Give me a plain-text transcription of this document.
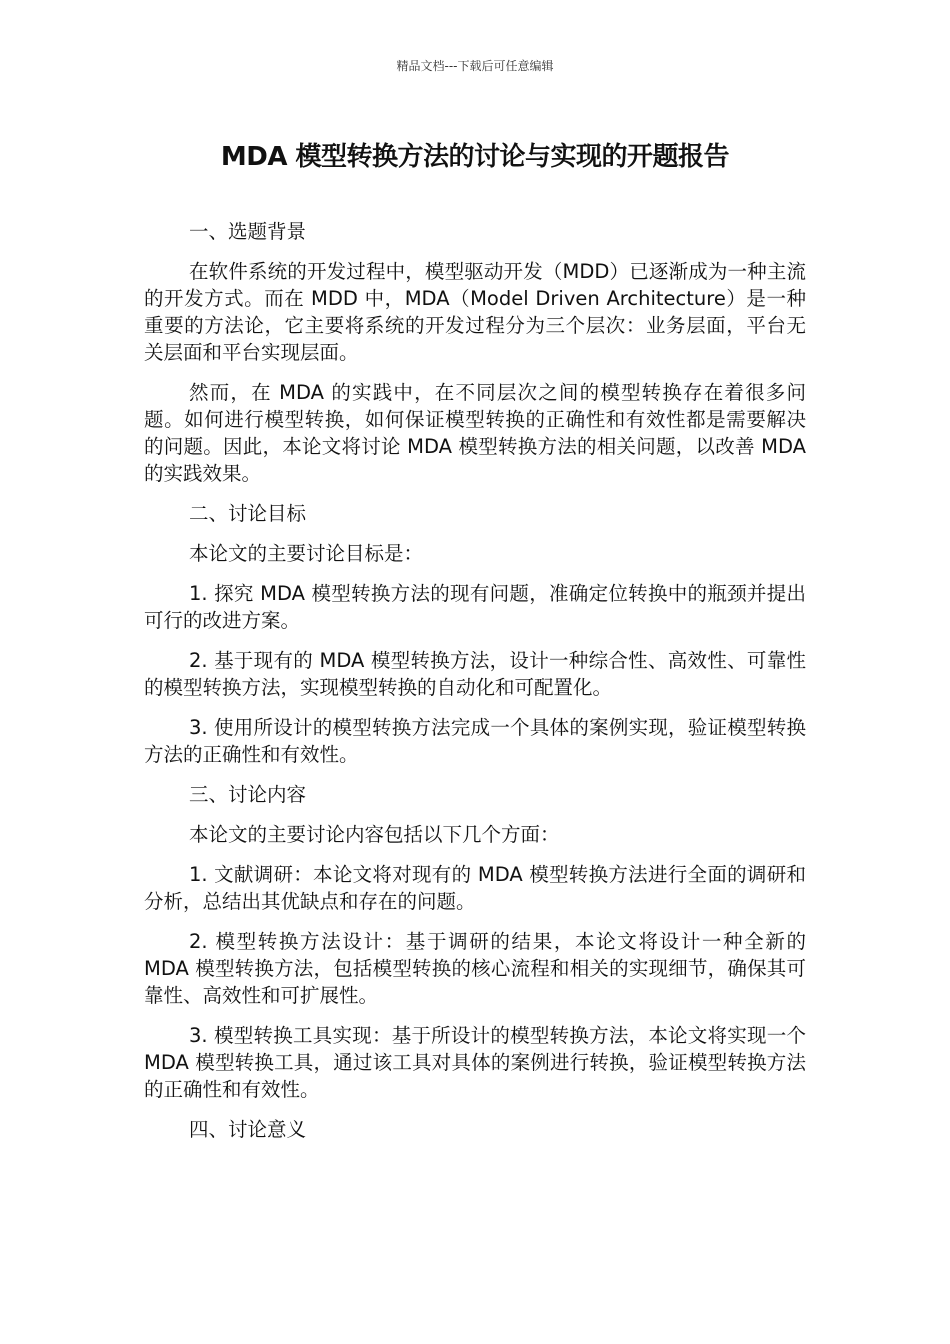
精品文档---下载后可任意编辑
MDA 模型转换方法的讨论与实现的开题报告

一、选题背景

在软件系统的开发过程中，模型驱动开发（MDD）已逐渐成为一种主流的开发方式。而在 MDD 中，MDA（Model Driven Architecture）是一种重要的方法论，它主要将系统的开发过程分为三个层次：业务层面，平台无关层面和平台实现层面。

然而，在 MDA 的实践中，在不同层次之间的模型转换存在着很多问题。如何进行模型转换，如何保证模型转换的正确性和有效性都是需要解决的问题。因此，本论文将讨论 MDA 模型转换方法的相关问题，以改善 MDA 的实践效果。

二、讨论目标

本论文的主要讨论目标是：

1. 探究 MDA 模型转换方法的现有问题，准确定位转换中的瓶颈并提出可行的改进方案。

2. 基于现有的 MDA 模型转换方法，设计一种综合性、高效性、可靠性的模型转换方法，实现模型转换的自动化和可配置化。

3. 使用所设计的模型转换方法完成一个具体的案例实现，验证模型转换方法的正确性和有效性。

三、讨论内容

本论文的主要讨论内容包括以下几个方面：

1. 文献调研：本论文将对现有的 MDA 模型转换方法进行全面的调研和分析，总结出其优缺点和存在的问题。

2. 模型转换方法设计：基于调研的结果，本论文将设计一种全新的 MDA 模型转换方法，包括模型转换的核心流程和相关的实现细节，确保其可靠性、高效性和可扩展性。

3. 模型转换工具实现：基于所设计的模型转换方法，本论文将实现一个 MDA 模型转换工具，通过该工具对具体的案例进行转换，验证模型转换方法的正确性和有效性。

四、讨论意义
